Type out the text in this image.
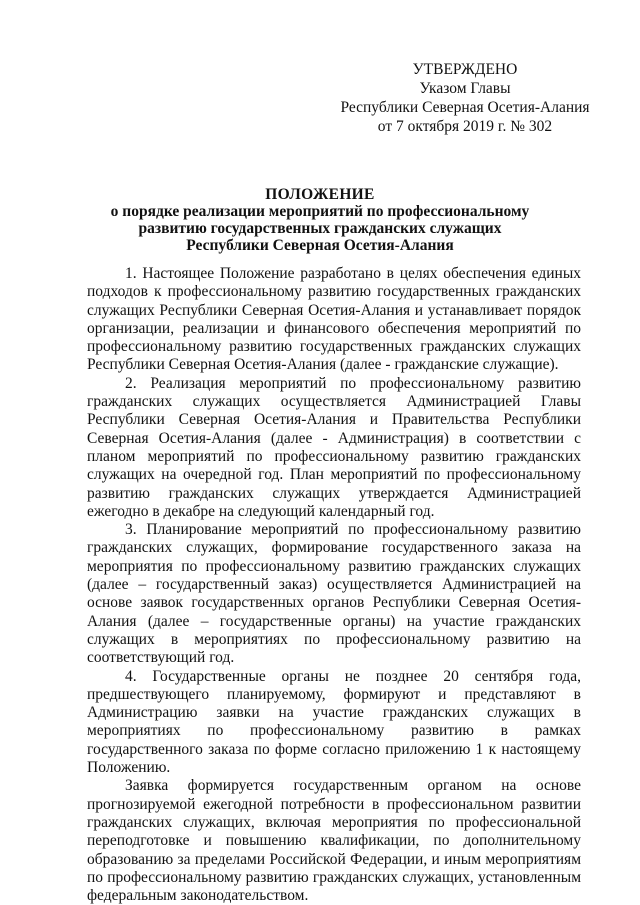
УТВЕРЖДЕНО
Указом Главы
Республики Северная Осетия-Алания
от 7 октября 2019 г. № 302
ПОЛОЖЕНИЕ
о порядке реализации мероприятий по профессиональному
развитию государственных гражданских служащих
Республики Северная Осетия-Алания

1. Настоящее Положение разработано в целях обеспечения единых подходов к профессиональному развитию государственных гражданских служащих Республики Северная Осетия-Алания и устанавливает порядок организации, реализации и финансового обеспечения мероприятий по профессиональному развитию государственных гражданских служащих Республики Северная Осетия-Алания (далее - гражданские служащие).

2. Реализация мероприятий по профессиональному развитию гражданских служащих осуществляется Администрацией Главы Республики Северная Осетия-Алания и Правительства Республики Северная Осетия-Алания (далее - Администрация) в соответствии с планом мероприятий по профессиональному развитию гражданских служащих на очередной год. План мероприятий по профессиональному развитию гражданских служащих утверждается Администрацией ежегодно в декабре на следующий календарный год.

3. Планирование мероприятий по профессиональному развитию гражданских служащих, формирование государственного заказа на мероприятия по профессиональному развитию гражданских служащих (далее – государственный заказ) осуществляется Администрацией на основе заявок государственных органов Республики Северная Осетия-Алания (далее – государственные органы) на участие гражданских служащих в мероприятиях по профессиональному развитию на соответствующий год.

4. Государственные органы не позднее 20 сентября года, предшествующего планируемому, формируют и представляют в Администрацию заявки на участие гражданских служащих в мероприятиях по профессиональному развитию в рамках государственного заказа по форме согласно приложению 1 к настоящему Положению.

Заявка формируется государственным органом на основе прогнозируемой ежегодной потребности в профессиональном развитии гражданских служащих, включая мероприятия по профессиональной переподготовке и повышению квалификации, по дополнительному образованию за пределами Российской Федерации, и иным мероприятиям по профессиональному развитию гражданских служащих, установленным федеральным законодательством.
